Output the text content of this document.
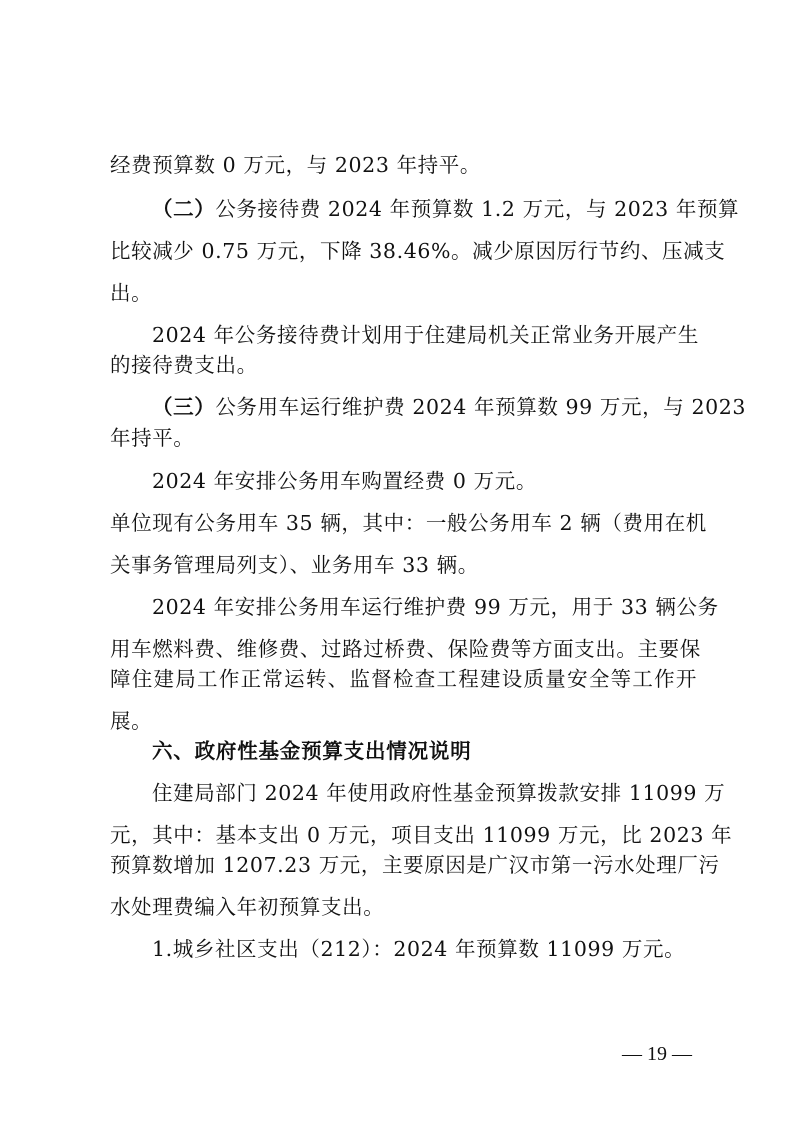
经费预算数 0 万元，与 2023 年持平。
（二）公务接待费 2024 年预算数 1.2 万元，与 2023 年预算
比较减少 0.75 万元，下降 38.46%。减少原因厉行节约、压减支
出。
2024 年公务接待费计划用于住建局机关正常业务开展产生
的接待费支出。
（三）公务用车运行维护费 2024 年预算数 99 万元，与 2023
年持平。
2024 年安排公务用车购置经费 0 万元。
单位现有公务用车 35 辆，其中：一般公务用车 2 辆（费用在机
关事务管理局列支）、业务用车 33 辆。
2024 年安排公务用车运行维护费 99 万元，用于 33 辆公务
用车燃料费、维修费、过路过桥费、保险费等方面支出。主要保
障住建局工作正常运转、监督检查工程建设质量安全等工作开
展。
六、政府性基金预算支出情况说明
住建局部门 2024 年使用政府性基金预算拨款安排 11099 万
元，其中：基本支出 0 万元，项目支出 11099 万元，比 2023 年
预算数增加 1207.23 万元，主要原因是广汉市第一污水处理厂污
水处理费编入年初预算支出。
1.城乡社区支出（212）：2024 年预算数 11099 万元。
— 19 —
